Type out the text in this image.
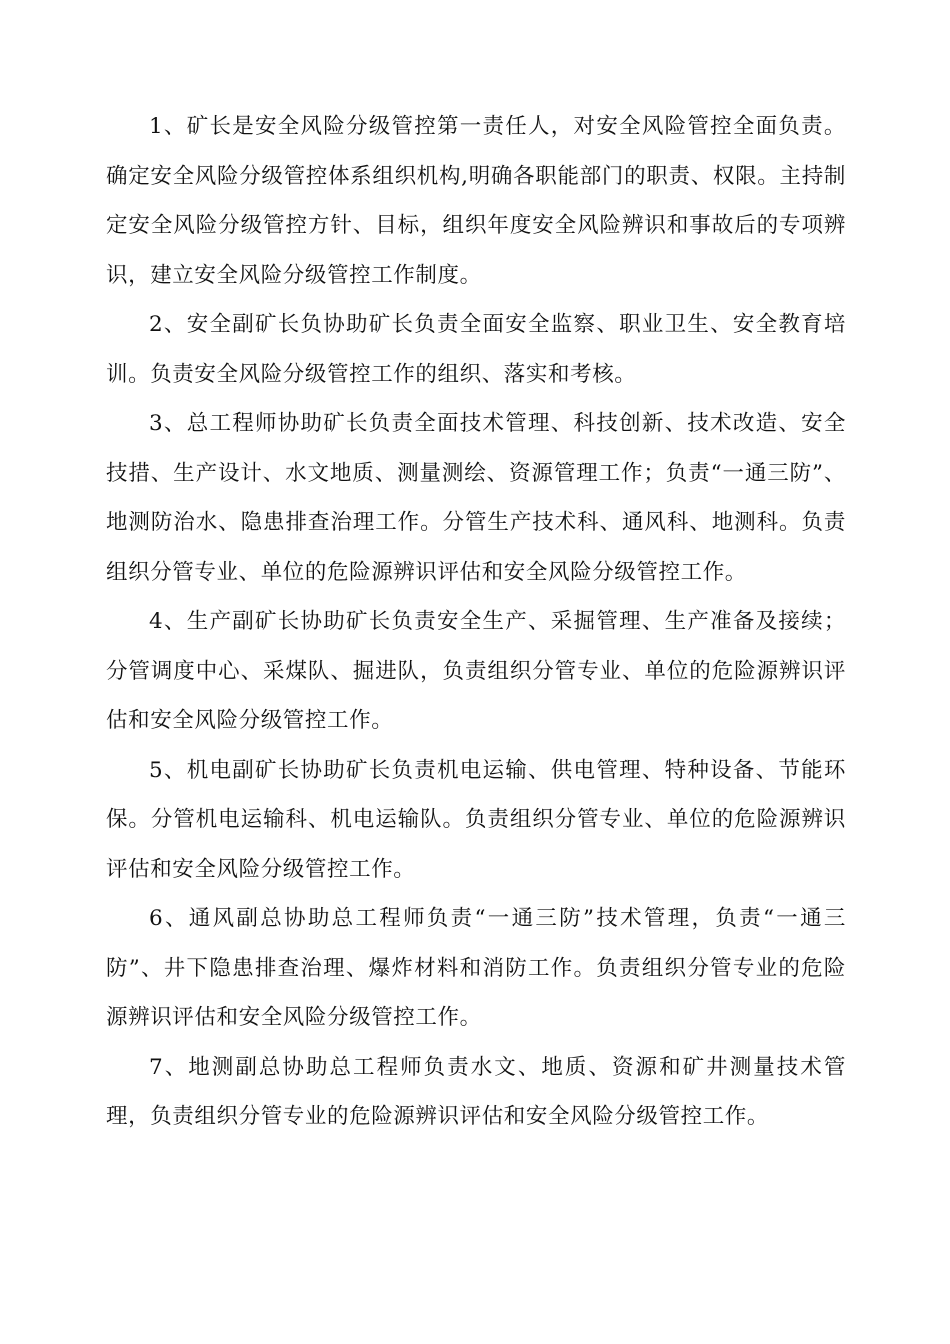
1、矿长是安全风险分级管控第一责任人，对安全风险管控全面负责。确定安全风险分级管控体系组织机构,明确各职能部门的职责、权限。主持制定安全风险分级管控方针、目标，组织年度安全风险辨识和事故后的专项辨识，建立安全风险分级管控工作制度。

2、安全副矿长负协助矿长负责全面安全监察、职业卫生、安全教育培训。负责安全风险分级管控工作的组织、落实和考核。

3、总工程师协助矿长负责全面技术管理、科技创新、技术改造、安全技措、生产设计、水文地质、测量测绘、资源管理工作；负责“一通三防”、地测防治水、隐患排查治理工作。分管生产技术科、通风科、地测科。负责组织分管专业、单位的危险源辨识评估和安全风险分级管控工作。

4、生产副矿长协助矿长负责安全生产、采掘管理、生产准备及接续；分管调度中心、采煤队、掘进队，负责组织分管专业、单位的危险源辨识评估和安全风险分级管控工作。

5、机电副矿长协助矿长负责机电运输、供电管理、特种设备、节能环保。分管机电运输科、机电运输队。负责组织分管专业、单位的危险源辨识评估和安全风险分级管控工作。

6、通风副总协助总工程师负责“一通三防”技术管理，负责“一通三防”、井下隐患排查治理、爆炸材料和消防工作。负责组织分管专业的危险源辨识评估和安全风险分级管控工作。

7、地测副总协助总工程师负责水文、地质、资源和矿井测量技术管理，负责组织分管专业的危险源辨识评估和安全风险分级管控工作。
